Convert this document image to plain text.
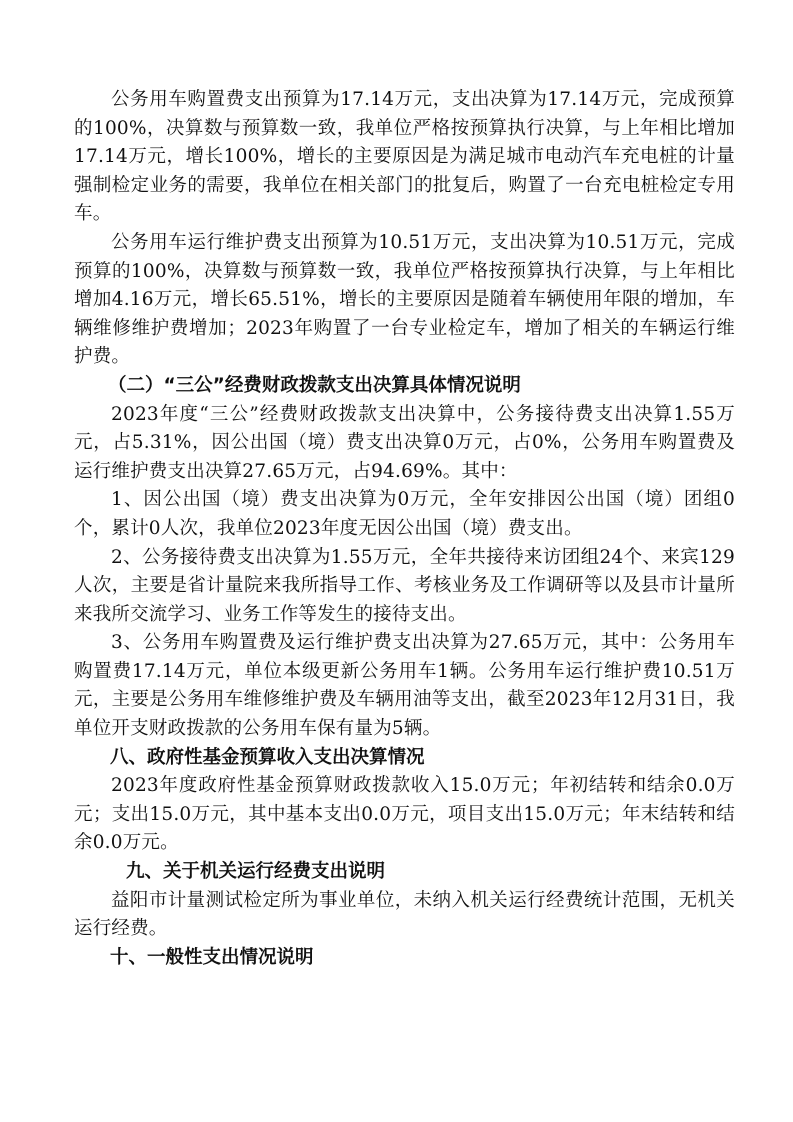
公务用车购置费支出预算为17.14万元，支出决算为17.14万元，完成预算的100%，决算数与预算数一致，我单位严格按预算执行决算，与上年相比增加17.14万元，增长100%，增长的主要原因是为满足城市电动汽车充电桩的计量强制检定业务的需要，我单位在相关部门的批复后，购置了一台充电桩检定专用车。

公务用车运行维护费支出预算为10.51万元，支出决算为10.51万元，完成预算的100%，决算数与预算数一致，我单位严格按预算执行决算，与上年相比增加4.16万元，增长65.51%，增长的主要原因是随着车辆使用年限的增加，车辆维修维护费增加；2023年购置了一台专业检定车，增加了相关的车辆运行维护费。

（二）“三公”经费财政拨款支出决算具体情况说明

2023年度“三公”经费财政拨款支出决算中，公务接待费支出决算1.55万元，占5.31%，因公出国（境）费支出决算0万元，占0%，公务用车购置费及运行维护费支出决算27.65万元，占94.69%。其中：

1、因公出国（境）费支出决算为0万元，全年安排因公出国（境）团组0个，累计0人次，我单位2023年度无因公出国（境）费支出。

2、公务接待费支出决算为1.55万元，全年共接待来访团组24个、来宾129人次，主要是省计量院来我所指导工作、考核业务及工作调研等以及县市计量所来我所交流学习、业务工作等发生的接待支出。

3、公务用车购置费及运行维护费支出决算为27.65万元，其中：公务用车购置费17.14万元，单位本级更新公务用车1辆。公务用车运行维护费10.51万元，主要是公务用车维修维护费及车辆用油等支出，截至2023年12月31日，我单位开支财政拨款的公务用车保有量为5辆。

八、政府性基金预算收入支出决算情况

2023年度政府性基金预算财政拨款收入15.0万元；年初结转和结余0.0万元；支出15.0万元，其中基本支出0.0万元，项目支出15.0万元；年末结转和结余0.0万元。

九、关于机关运行经费支出说明

益阳市计量测试检定所为事业单位，未纳入机关运行经费统计范围，无机关运行经费。

十、一般性支出情况说明
